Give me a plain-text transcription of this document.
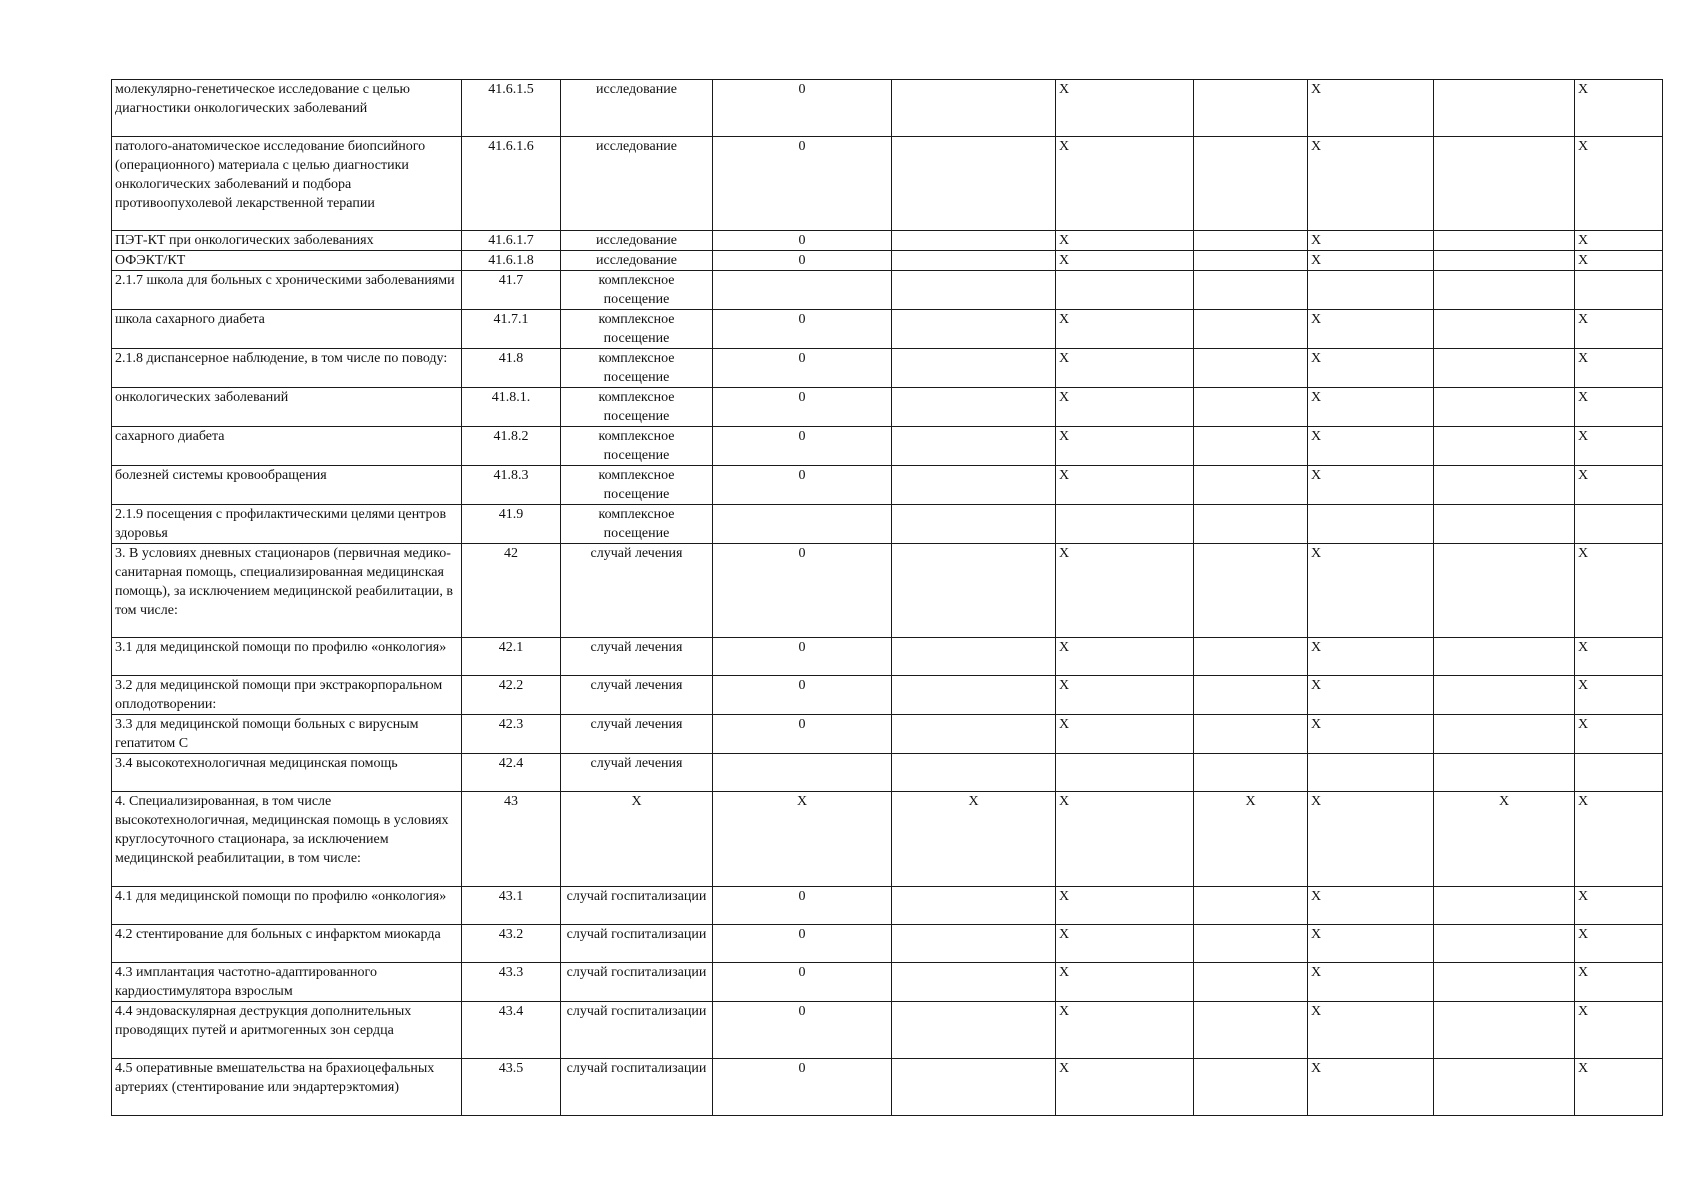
молекулярно-генетическое исследование с целью диагностики онкологических заболеваний	41.6.1.5	исследование	0		Х		Х		Х
патолого-анатомическое исследование биопсийного (операционного) материала с целью диагностики онкологических заболеваний и подбора противоопухолевой лекарственной терапии	41.6.1.6	исследование	0		Х		Х		Х
ПЭТ-КТ при онкологических заболеваниях	41.6.1.7	исследование	0		Х		Х		Х
ОФЭКТ/КТ	41.6.1.8	исследование	0		Х		Х		Х
2.1.7 школа для больных с хроническими заболеваниями	41.7	комплексное посещение							
школа сахарного диабета	41.7.1	комплексное посещение	0		Х		Х		Х
2.1.8 диспансерное наблюдение, в том числе по поводу:	41.8	комплексное посещение	0		Х		Х		Х
онкологических заболеваний	41.8.1.	комплексное посещение	0		Х		Х		Х
сахарного диабета	41.8.2	комплексное посещение	0		Х		Х		Х
болезней системы кровообращения	41.8.3	комплексное посещение	0		Х		Х		Х
2.1.9 посещения с профилактическими целями центров здоровья	41.9	комплексное посещение							
3. В условиях дневных стационаров (первичная медико-санитарная помощь, специализированная медицинская помощь), за исключением медицинской реабилитации, в том числе:	42	случай лечения	0		Х		Х		Х
3.1 для медицинской помощи по профилю «онкология»	42.1	случай лечения	0		Х		Х		Х
3.2 для медицинской помощи при экстракорпоральном оплодотворении:	42.2	случай лечения	0		Х		Х		Х
3.3 для медицинской помощи больных с вирусным гепатитом С	42.3	случай лечения	0		Х		Х		Х
3.4 высокотехнологичная медицинская помощь	42.4	случай лечения							
4. Специализированная, в том числе высокотехнологичная, медицинская помощь в условиях круглосуточного стационара, за исключением медицинской реабилитации, в том числе:	43	Х	Х	Х	Х	Х	Х	Х	Х
4.1 для медицинской помощи по профилю «онкология»	43.1	случай госпитализации	0		Х		Х		Х
4.2 стентирование для больных с инфарктом миокарда	43.2	случай госпитализации	0		Х		Х		Х
4.3 имплантация частотно-адаптированного кардиостимулятора взрослым	43.3	случай госпитализации	0		Х		Х		Х
4.4 эндоваскулярная деструкция дополнительных проводящих путей и аритмогенных зон сердца	43.4	случай госпитализации	0		Х		Х		Х
4.5 оперативные вмешательства на брахиоцефальных артериях (стентирование или эндартерэктомия)	43.5	случай госпитализации	0		Х		Х		Х
